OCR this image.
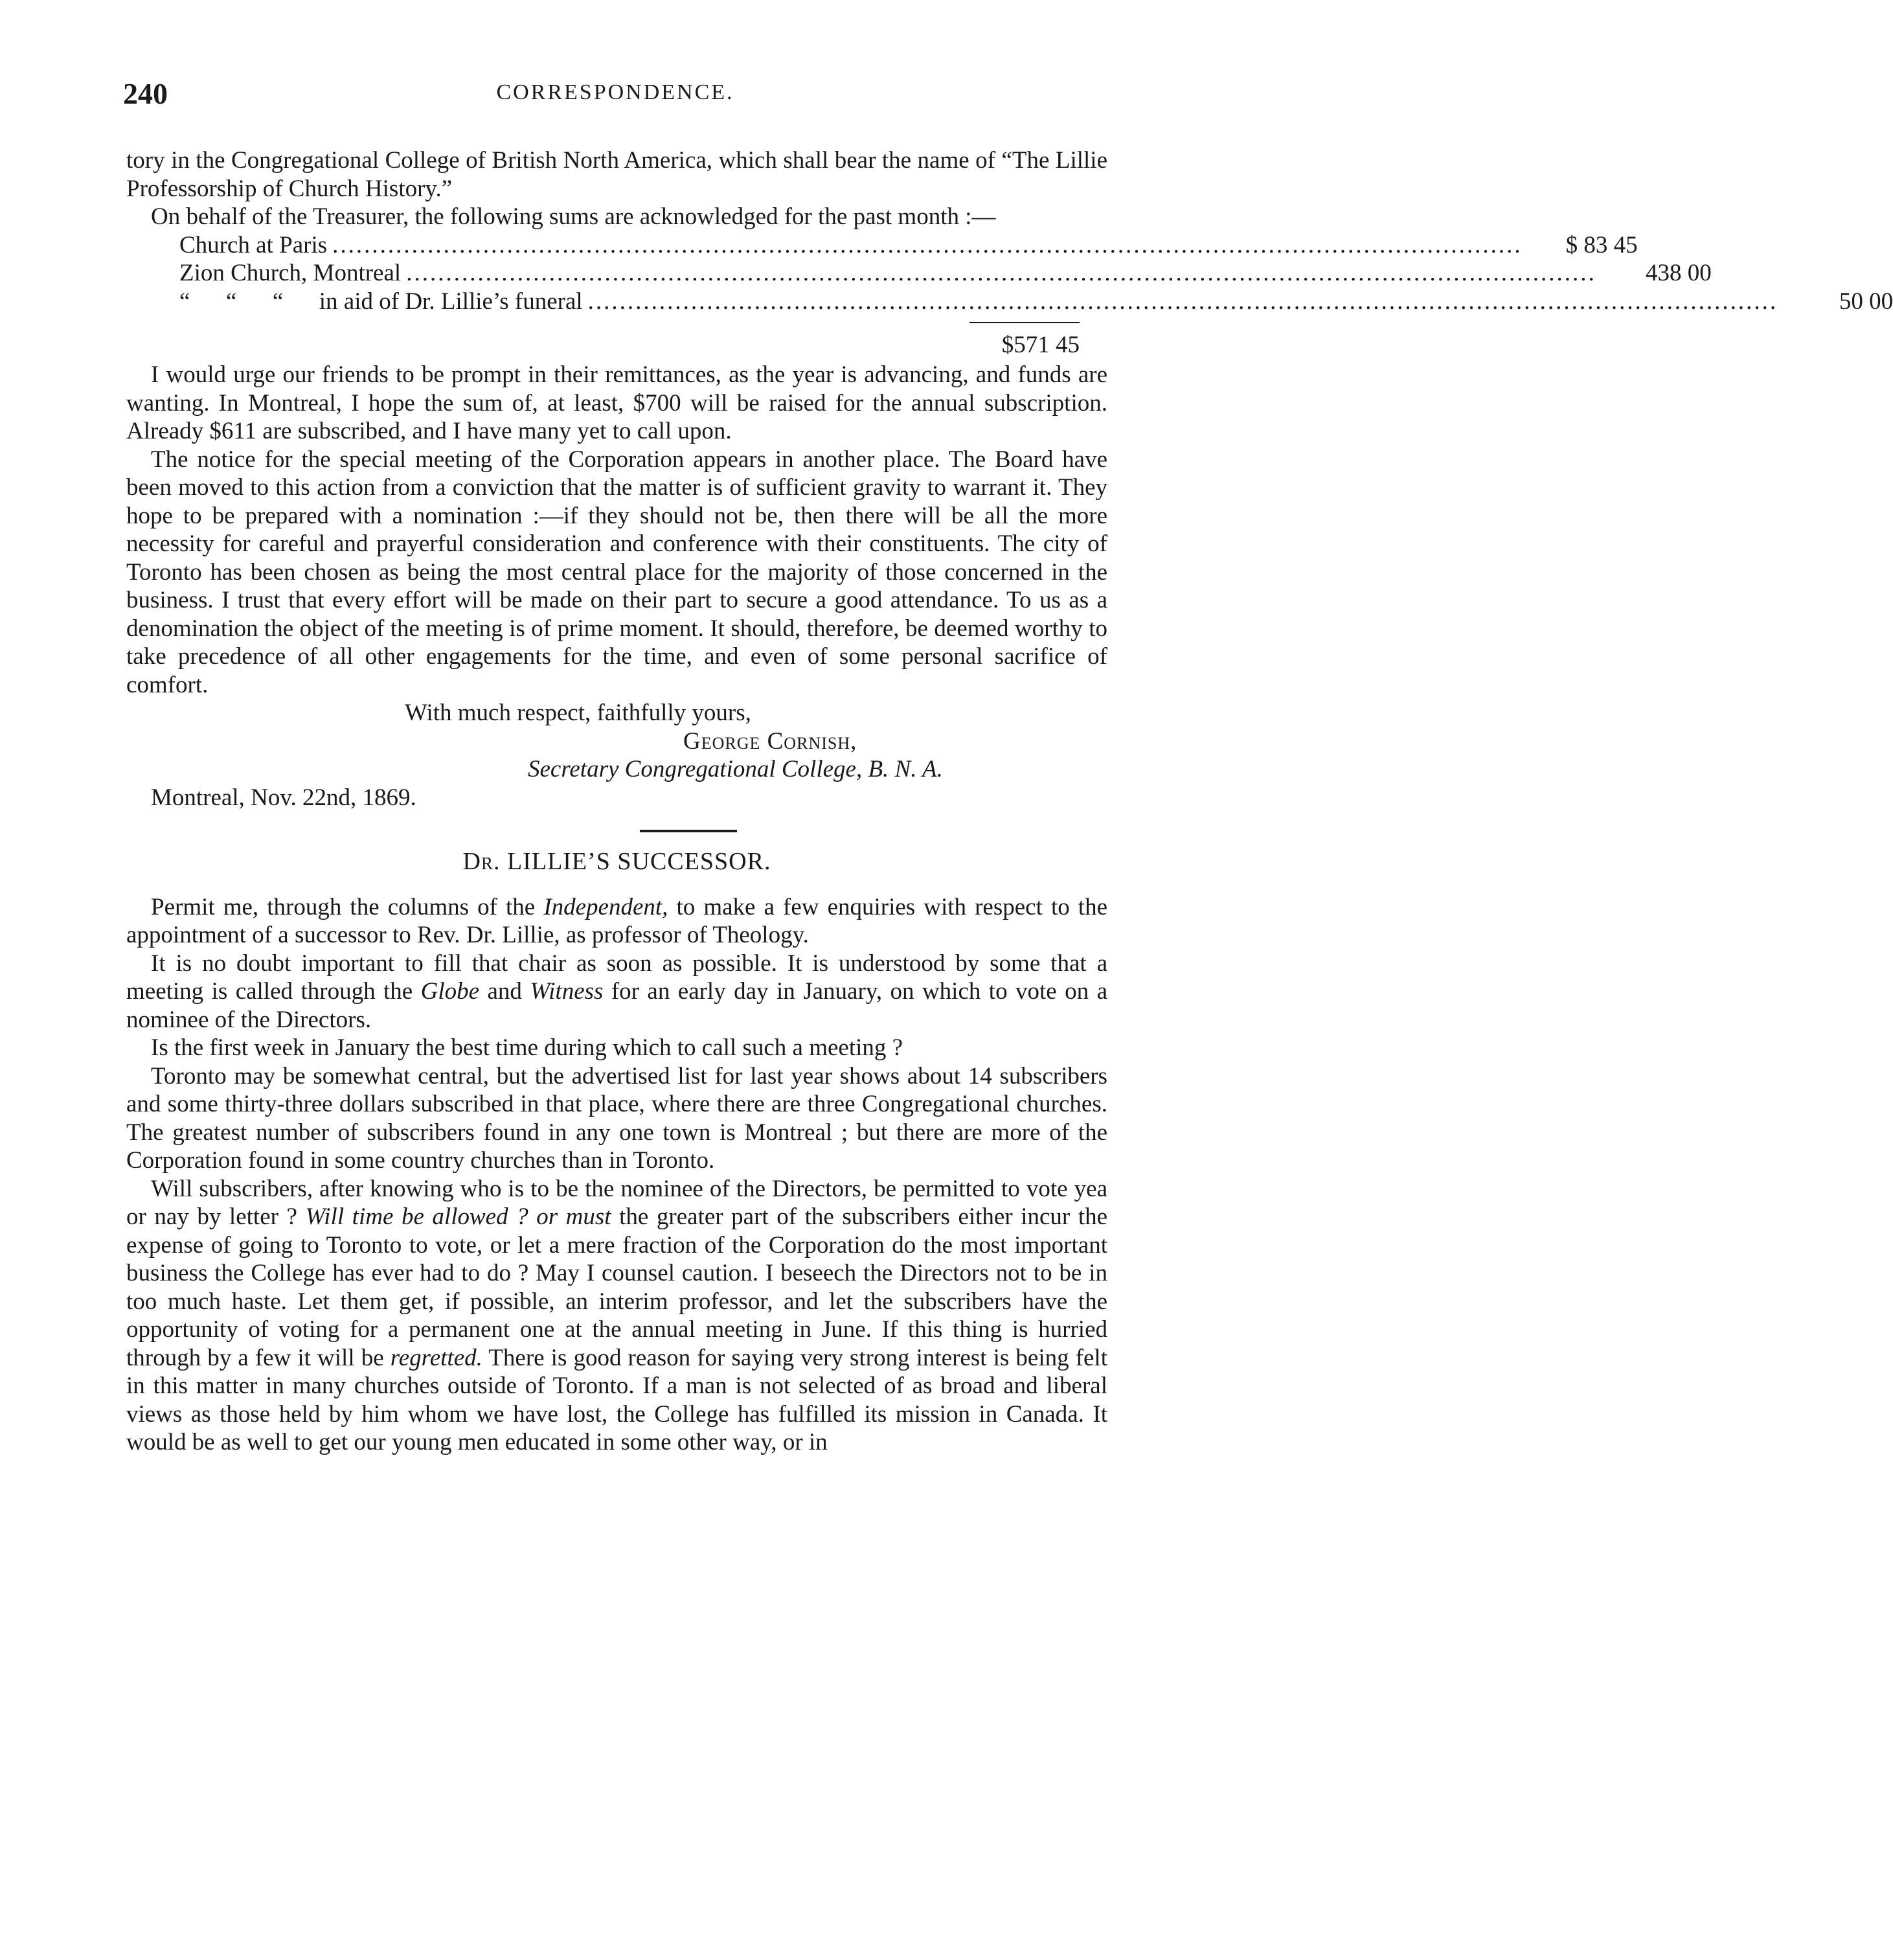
240	CORRESPONDENCE.

tory in the Congregational College of British North America, which shall bear the name of “The Lillie Professorship of Church History.”

On behalf of the Treasurer, the following sums are acknowledged for the past month :—

Church at Paris ......................................................................................................................................................	$ 83 45
Zion Church, Montreal ......................................................................................................................................................	438 00
“      “      “      in aid of Dr. Lillie’s funeral ......................................................................................................................................................	50 00
$571 45

I would urge our friends to be prompt in their remittances, as the year is advancing, and funds are wanting. In Montreal, I hope the sum of, at least, $700 will be raised for the annual subscription. Already $611 are subscribed, and I have many yet to call upon.

The notice for the special meeting of the Corporation appears in another place. The Board have been moved to this action from a conviction that the matter is of sufficient gravity to warrant it. They hope to be prepared with a nomination :—if they should not be, then there will be all the more necessity for careful and prayerful consideration and conference with their constituents. The city of Toronto has been chosen as being the most central place for the majority of those concerned in the business. I trust that every effort will be made on their part to secure a good attendance. To us as a denomination the object of the meeting is of prime moment. It should, therefore, be deemed worthy to take precedence of all other engagements for the time, and even of some personal sacrifice of comfort.

With much respect, faithfully yours,

George Cornish,

Secretary Congregational College, B. N. A.

Montreal, Nov. 22nd, 1869.

Dr. LILLIE’S SUCCESSOR.

Permit me, through the columns of the Independent, to make a few enquiries with respect to the appointment of a successor to Rev. Dr. Lillie, as professor of Theology.

It is no doubt important to fill that chair as soon as possible. It is understood by some that a meeting is called through the Globe and Witness for an early day in January, on which to vote on a nominee of the Directors.

Is the first week in January the best time during which to call such a meeting ?

Toronto may be somewhat central, but the advertised list for last year shows about 14 subscribers and some thirty-three dollars subscribed in that place, where there are three Congregational churches. The greatest number of subscribers found in any one town is Montreal ; but there are more of the Corporation found in some country churches than in Toronto.

Will subscribers, after knowing who is to be the nominee of the Directors, be permitted to vote yea or nay by letter ? Will time be allowed ? or must the greater part of the subscribers either incur the expense of going to Toronto to vote, or let a mere fraction of the Corporation do the most important business the College has ever had to do ? May I counsel caution. I beseech the Directors not to be in too much haste. Let them get, if possible, an interim professor, and let the subscribers have the opportunity of voting for a permanent one at the annual meeting in June. If this thing is hurried through by a few it will be regretted. There is good reason for saying very strong interest is being felt in this matter in many churches outside of Toronto. If a man is not selected of as broad and liberal views as those held by him whom we have lost, the College has fulfilled its mission in Canada. It would be as well to get our young men educated in some other way, or in
